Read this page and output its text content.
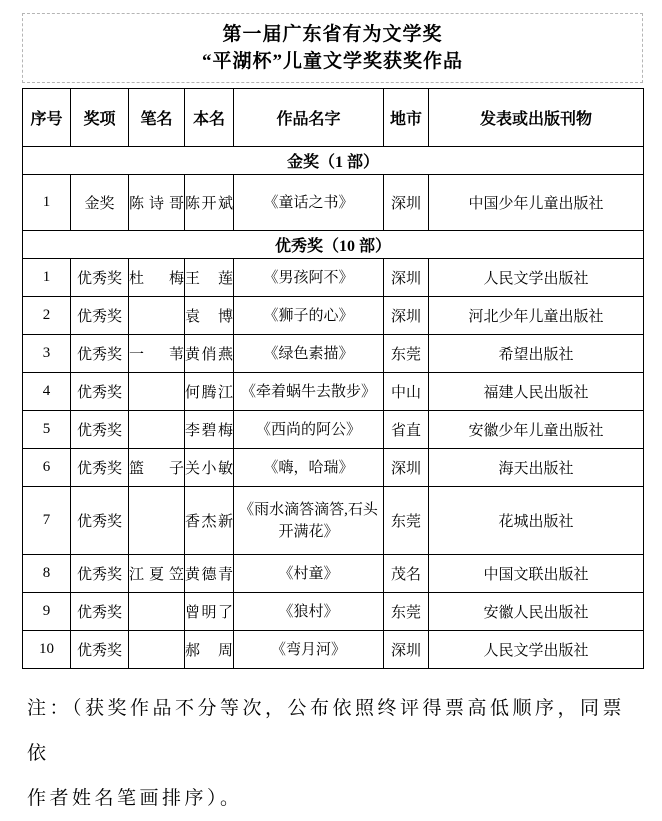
第一届广东省有为文学奖
“平湖杯”儿童文学奖获奖作品
序号	奖项	笔名	本名	作品名字	地市	发表或出版刊物
金奖（1 部）						
1	金奖	陈诗哥	陈开斌	《童话之书》	深圳	中国少年儿童出版社
优秀奖（10 部）						
1	优秀奖	杜　梅	王　莲	《男孩阿不》	深圳	人民文学出版社
2	优秀奖		袁　博	《狮子的心》	深圳	河北少年儿童出版社
3	优秀奖	一　苇	黄俏燕	《绿色素描》	东莞	希望出版社
4	优秀奖		何腾江	《牵着蜗牛去散步》	中山	福建人民出版社
5	优秀奖		李碧梅	《西尚的阿公》	省直	安徽少年儿童出版社
6	优秀奖	篮　子	关小敏	《嗨，哈瑞》	深圳	海天出版社
7	优秀奖		香杰新	《雨水滴答滴答,石头开满花》	东莞	花城出版社
8	优秀奖	江夏笠	黄德青	《村童》	茂名	中国文联出版社
9	优秀奖		曾明了	《狼村》	东莞	安徽人民出版社
10	优秀奖		郝　周	《弯月河》	深圳	人民文学出版社
注：（获奖作品不分等次，公布依照终评得票高低顺序，同票依
作者姓名笔画排序）。
